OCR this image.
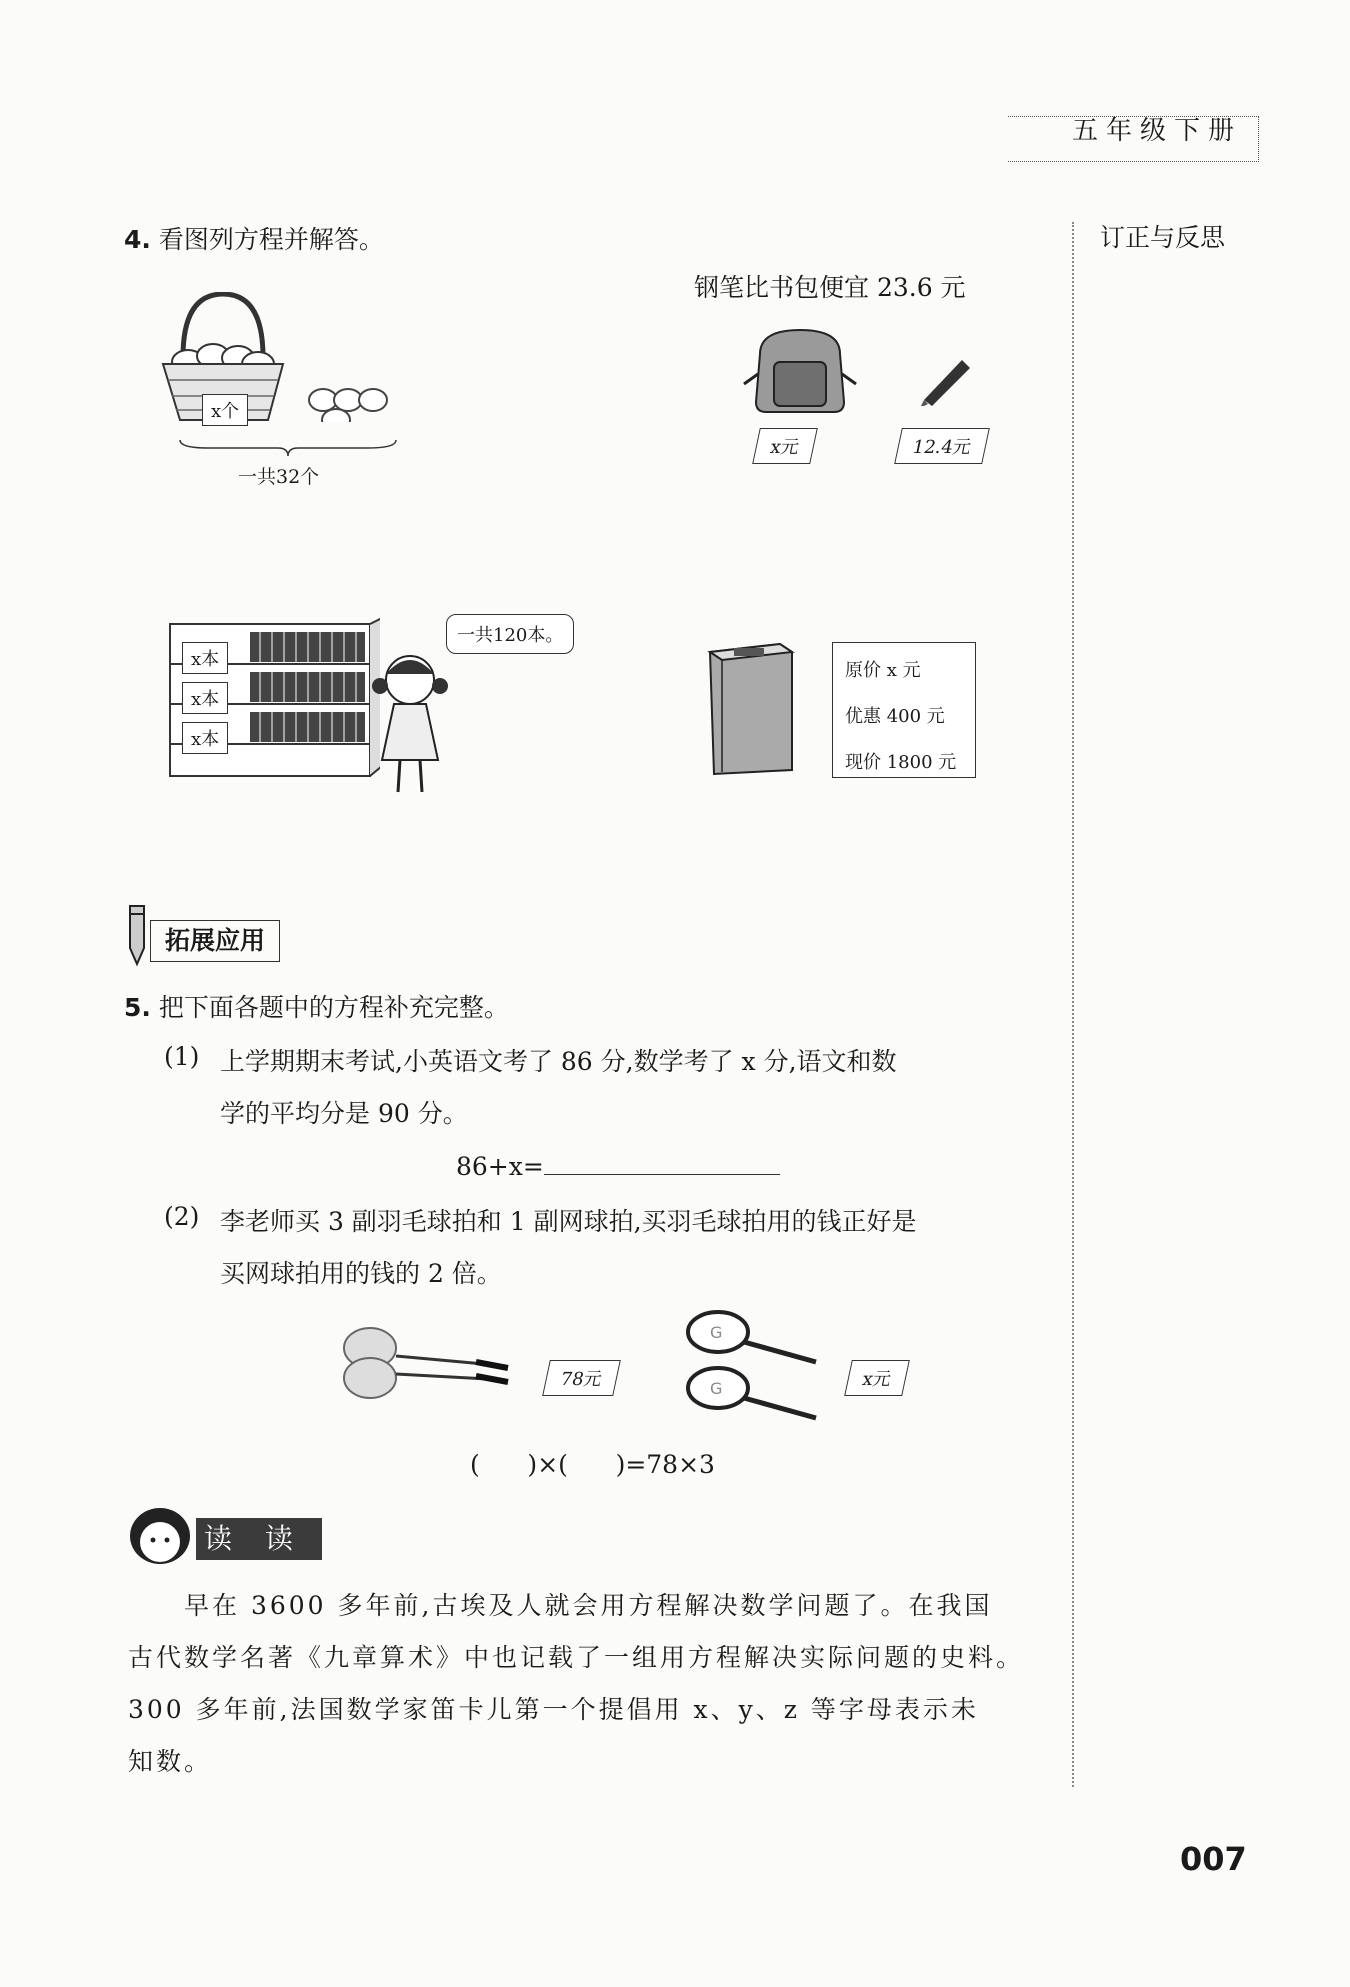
五年级下册
订正与反思
4. 看图列方程并解答。
x个
一共32个
钢笔比书包便宜 23.6 元
x元	12.4元
x本
x本
x本
一共120本。
原价 x 元
优惠 400 元
现价 1800 元
拓展应用
5. 把下面各题中的方程补充完整。
(1) 上学期期末考试,小英语文考了 86 分,数学考了 x 分,语文和数
学的平均分是 90 分。
86+x=
(2) 李老师买 3 副羽毛球拍和 1 副网球拍,买羽毛球拍用的钱正好是
买网球拍用的钱的 2 倍。
78元
G
G	x元
(      )×(      )=78×3
读 读
早在 3600 多年前,古埃及人就会用方程解决数学问题了。在我国
古代数学名著《九章算术》中也记载了一组用方程解决实际问题的史料。
300 多年前,法国数学家笛卡儿第一个提倡用 x、y、z 等字母表示未
知数。
007
